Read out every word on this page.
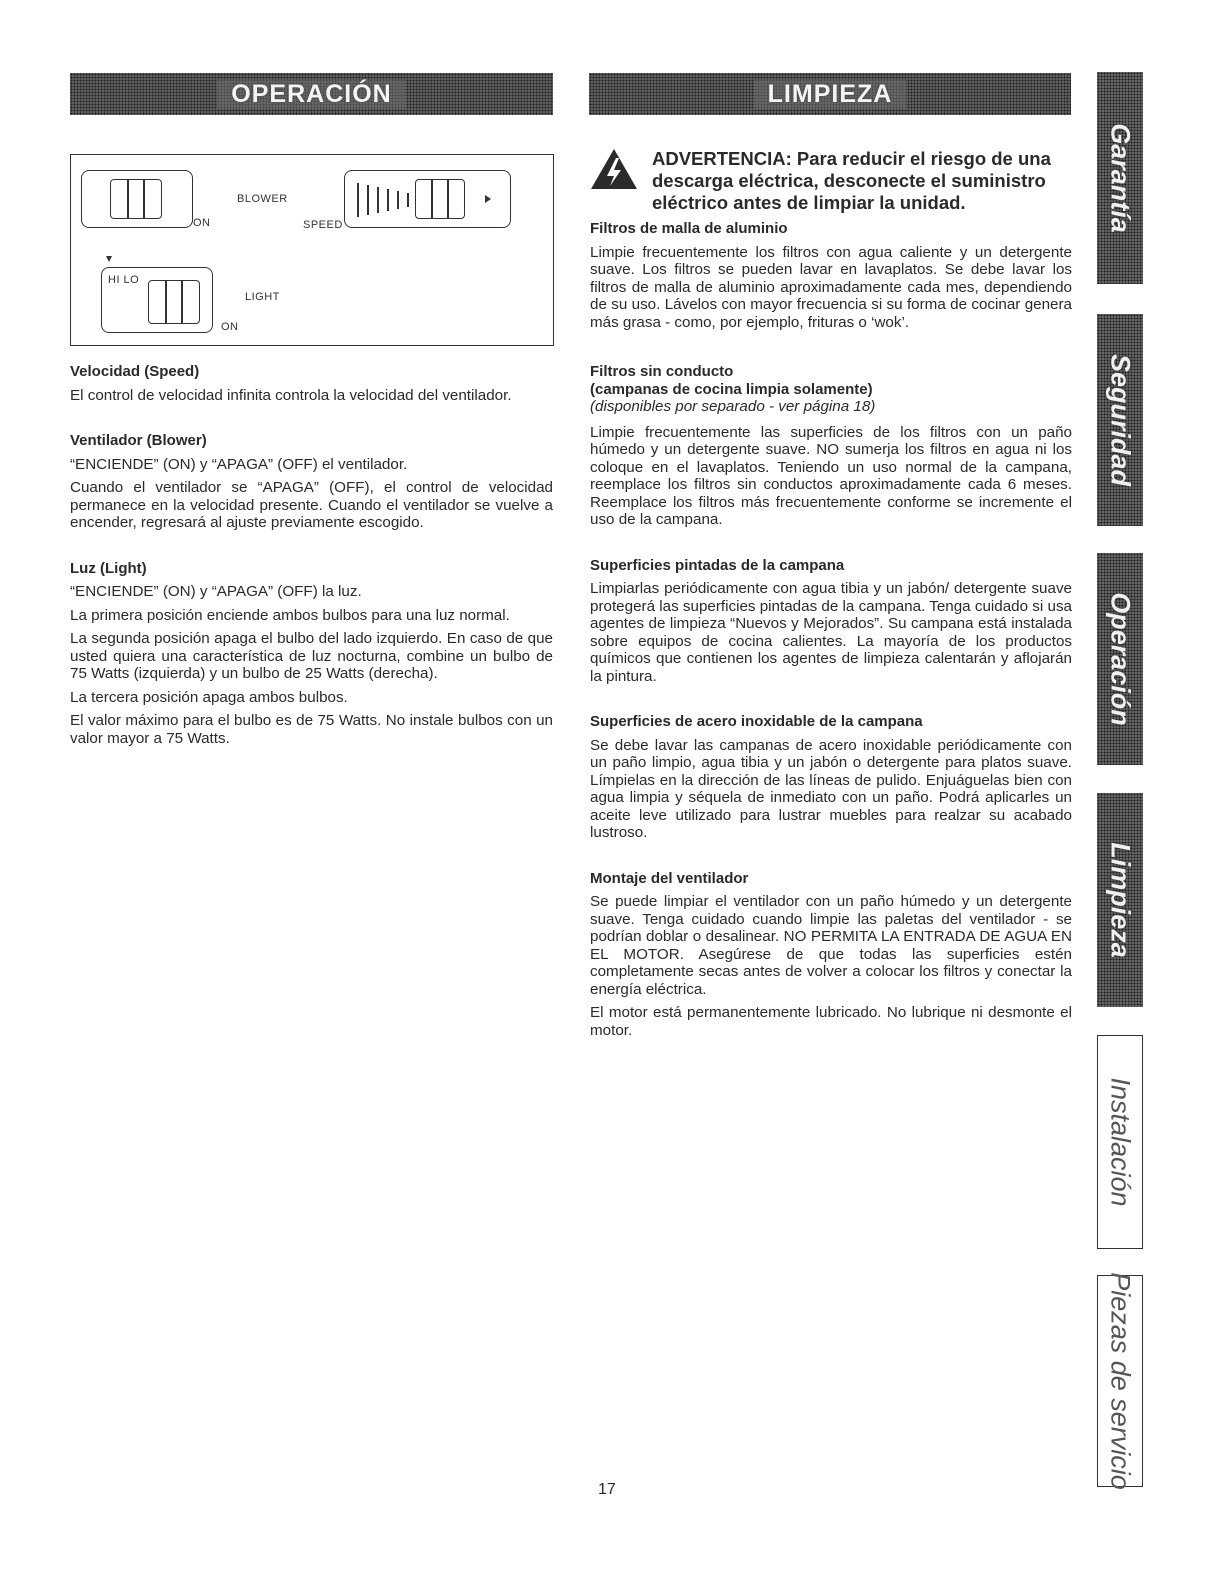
OPERACIÓN	LIMPIEZA
ON
BLOWER
SPEED
HI LO
ON
LIGHT
Velocidad (Speed)

El control de velocidad infinita controla la velocidad del ventilador.

Ventilador (Blower)

“ENCIENDE” (ON) y “APAGA” (OFF) el ventilador.

Cuando el ventilador se “APAGA” (OFF), el control de velocidad permanece en la velocidad presente. Cuando el ventilador se vuelve a encender, regresará al ajuste previamente escogido.

Luz (Light)

“ENCIENDE” (ON) y “APAGA” (OFF) la luz.

La primera posición enciende ambos bulbos para una luz normal.

La segunda posición apaga el bulbo del lado izquierdo. En caso de que usted quiera una característica de luz nocturna, combine un bulbo de 75 Watts (izquierda) y un bulbo de 25 Watts (derecha).

La tercera posición apaga ambos bulbos.

El valor máximo para el bulbo es de 75 Watts. No instale bulbos con un valor mayor a 75 Watts.

ADVERTENCIA: Para reducir el riesgo de una descarga eléctrica, desconecte el suministro eléctrico antes de limpiar la unidad.
Filtros de malla de aluminio

Limpie frecuentemente los filtros con agua caliente y un detergente suave. Los filtros se pueden lavar en lavaplatos. Se debe lavar los filtros de malla de aluminio aproximadamente cada mes, dependiendo de su uso. Lávelos con mayor frecuencia si su forma de cocinar genera más grasa - como, por ejemplo, frituras o ‘wok’.

Filtros sin conducto
(campanas de cocina limpia solamente)
(disponibles por separado - ver página 18)

Limpie frecuentemente las superficies de los filtros con un paño húmedo y un detergente suave. NO sumerja los filtros en agua ni los coloque en el lavaplatos. Teniendo un uso normal de la campana, reemplace los filtros sin conductos aproximadamente cada 6 meses. Reemplace los filtros más frecuentemente conforme se incremente el uso de la campana.

Superficies pintadas de la campana

Limpiarlas periódicamente con agua tibia y un jabón/ detergente suave protegerá las superficies pintadas de la campana. Tenga cuidado si usa agentes de limpieza “Nuevos y Mejorados”. Su campana está instalada sobre equipos de cocina calientes. La mayoría de los productos químicos que contienen los agentes de limpieza calentarán y aflojarán la pintura.

Superficies de acero inoxidable de la campana

Se debe lavar las campanas de acero inoxidable periódicamente con un paño limpio, agua tibia y un jabón o detergente para platos suave. Límpielas en la dirección de las líneas de pulido. Enjuáguelas bien con agua limpia y séquela de inmediato con un paño. Podrá aplicarles un aceite leve utilizado para lustrar muebles para realzar su acabado lustroso.

Montaje del ventilador

Se puede limpiar el ventilador con un paño húmedo y un detergente suave. Tenga cuidado cuando limpie las paletas del ventilador - se podrían doblar o desalinear. NO PERMITA LA ENTRADA DE AGUA EN EL MOTOR. Asegúrese de que todas las superficies estén completamente secas antes de volver a colocar los filtros y conectar la energía eléctrica.

El motor está permanentemente lubricado. No lubrique ni desmonte el motor.

Garantía
Seguridad
Operación
Limpieza
Instalación
Piezas de servicio
17
